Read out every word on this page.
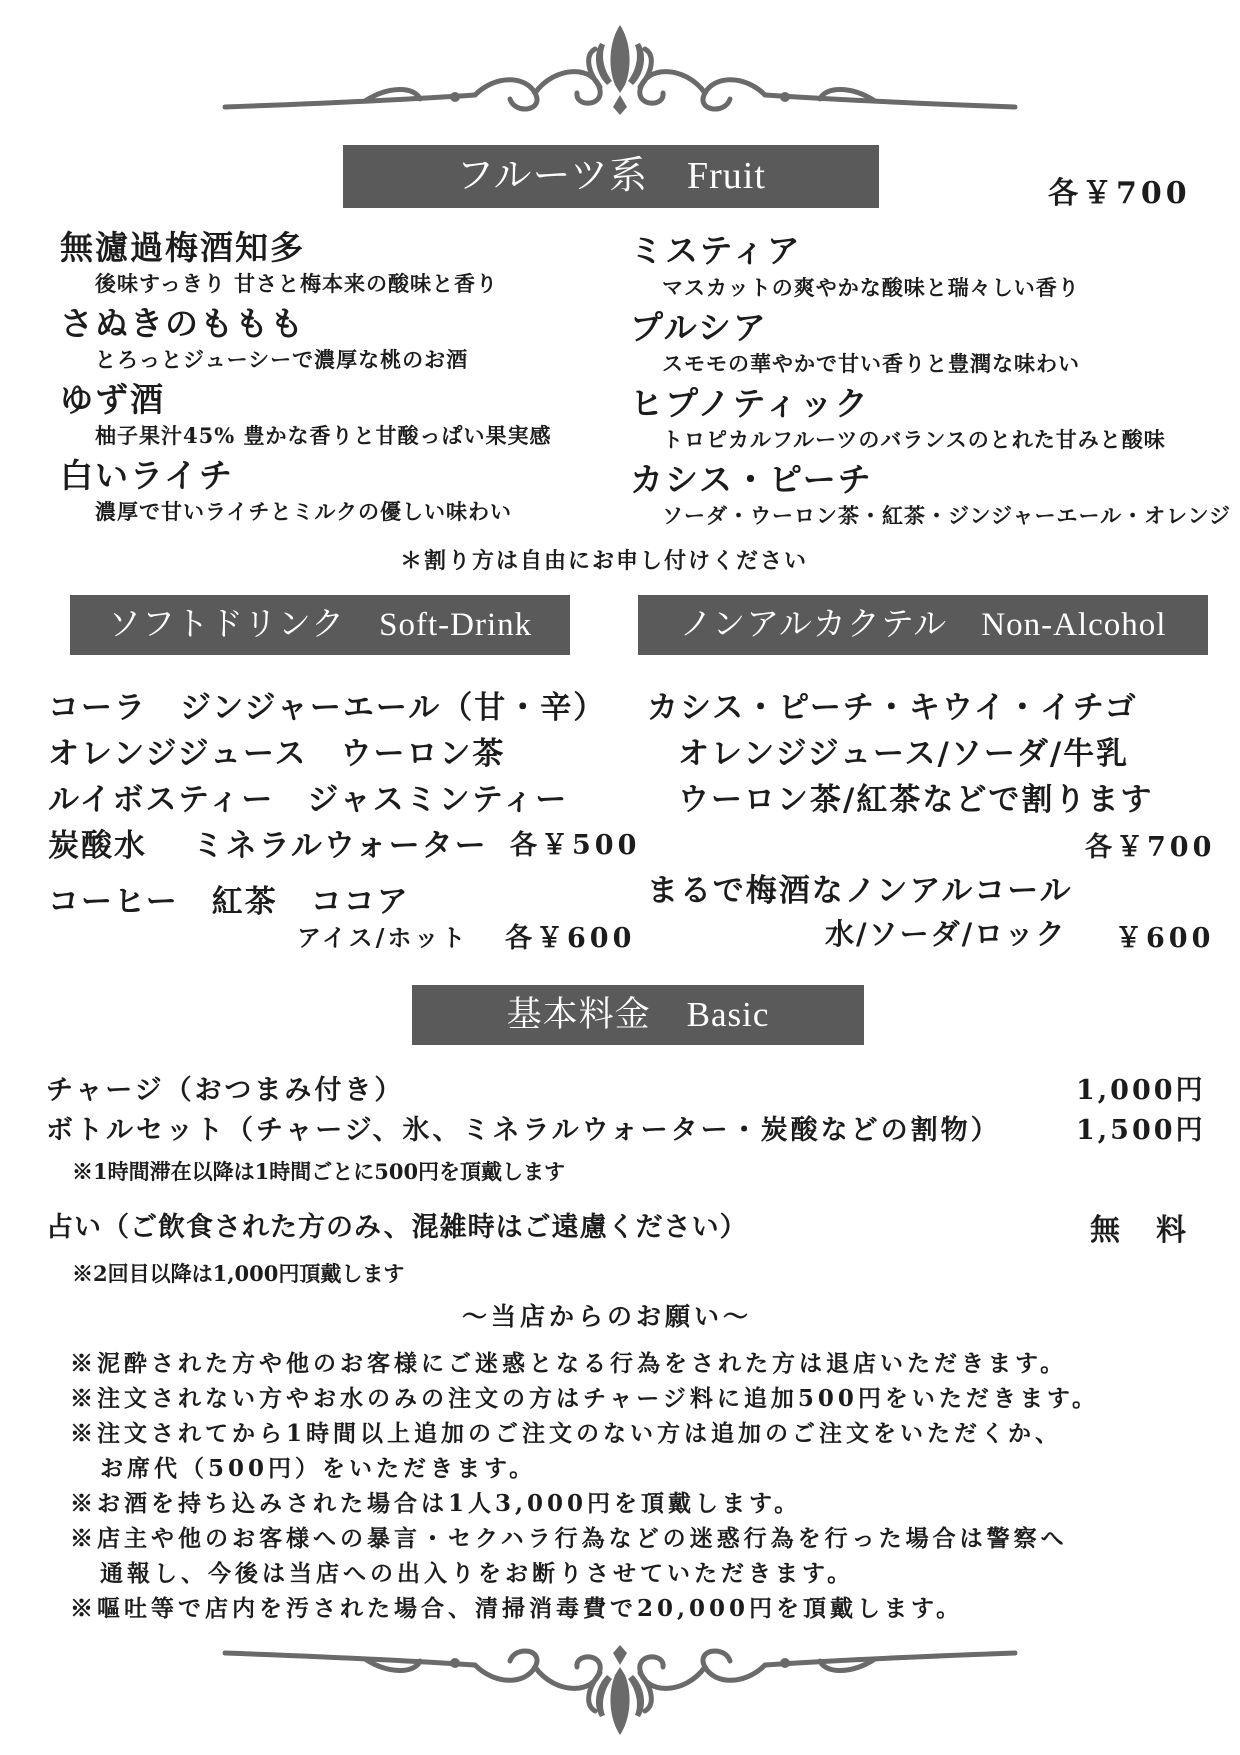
フルーツ系　Fruit	各￥700
無濾過梅酒知多
後味すっきり 甘さと梅本来の酸味と香り
さぬきのももも
とろっとジューシーで濃厚な桃のお酒
ゆず酒
柚子果汁45% 豊かな香りと甘酸っぱい果実感
白いライチ
濃厚で甘いライチとミルクの優しい味わい
ミスティア
マスカットの爽やかな酸味と瑞々しい香り
プルシア
スモモの華やかで甘い香りと豊潤な味わい
ヒプノティック
トロピカルフルーツのバランスのとれた甘みと酸味
カシス・ピーチ
ソーダ・ウーロン茶・紅茶・ジンジャーエール・オレンジ
＊割り方は自由にお申し付けください
ソフトドリンク　Soft-Drink
コーラ　ジンジャーエール（甘・辛）
オレンジジュース　ウーロン茶
ルイボスティー　ジャスミンティー
炭酸水　 ミネラルウォーター 各￥500
コーヒー　紅茶　ココア
アイス/ホット 各￥600
ノンアルカクテル　Non-Alcohol
カシス・ピーチ・キウイ・イチゴ
オレンジジュース/ソーダ/牛乳
ウーロン茶/紅茶などで割ります
各￥700
まるで梅酒なノンアルコール
水/ソーダ/ロック ￥600
基本料金　Basic
チャージ（おつまみ付き）	1,000円
ボトルセット（チャージ、氷、ミネラルウォーター・炭酸などの割物）	1,500円
※1時間滞在以降は1時間ごとに500円を頂戴します
占い（ご飲食された方のみ、混雑時はご遠慮ください）	無　料
※2回目以降は1,000円頂戴します
～当店からのお願い～
※泥酔された方や他のお客様にご迷惑となる行為をされた方は退店いただきます。
※注文されない方やお水のみの注文の方はチャージ料に追加500円をいただきます。
※注文されてから1時間以上追加のご注文のない方は追加のご注文をいただくか、
お席代（500円）をいただきます。
※お酒を持ち込みされた場合は1人3,000円を頂戴します。
※店主や他のお客様への暴言・セクハラ行為などの迷惑行為を行った場合は警察へ
通報し、今後は当店への出入りをお断りさせていただきます。
※嘔吐等で店内を汚された場合、清掃消毒費で20,000円を頂戴します。
